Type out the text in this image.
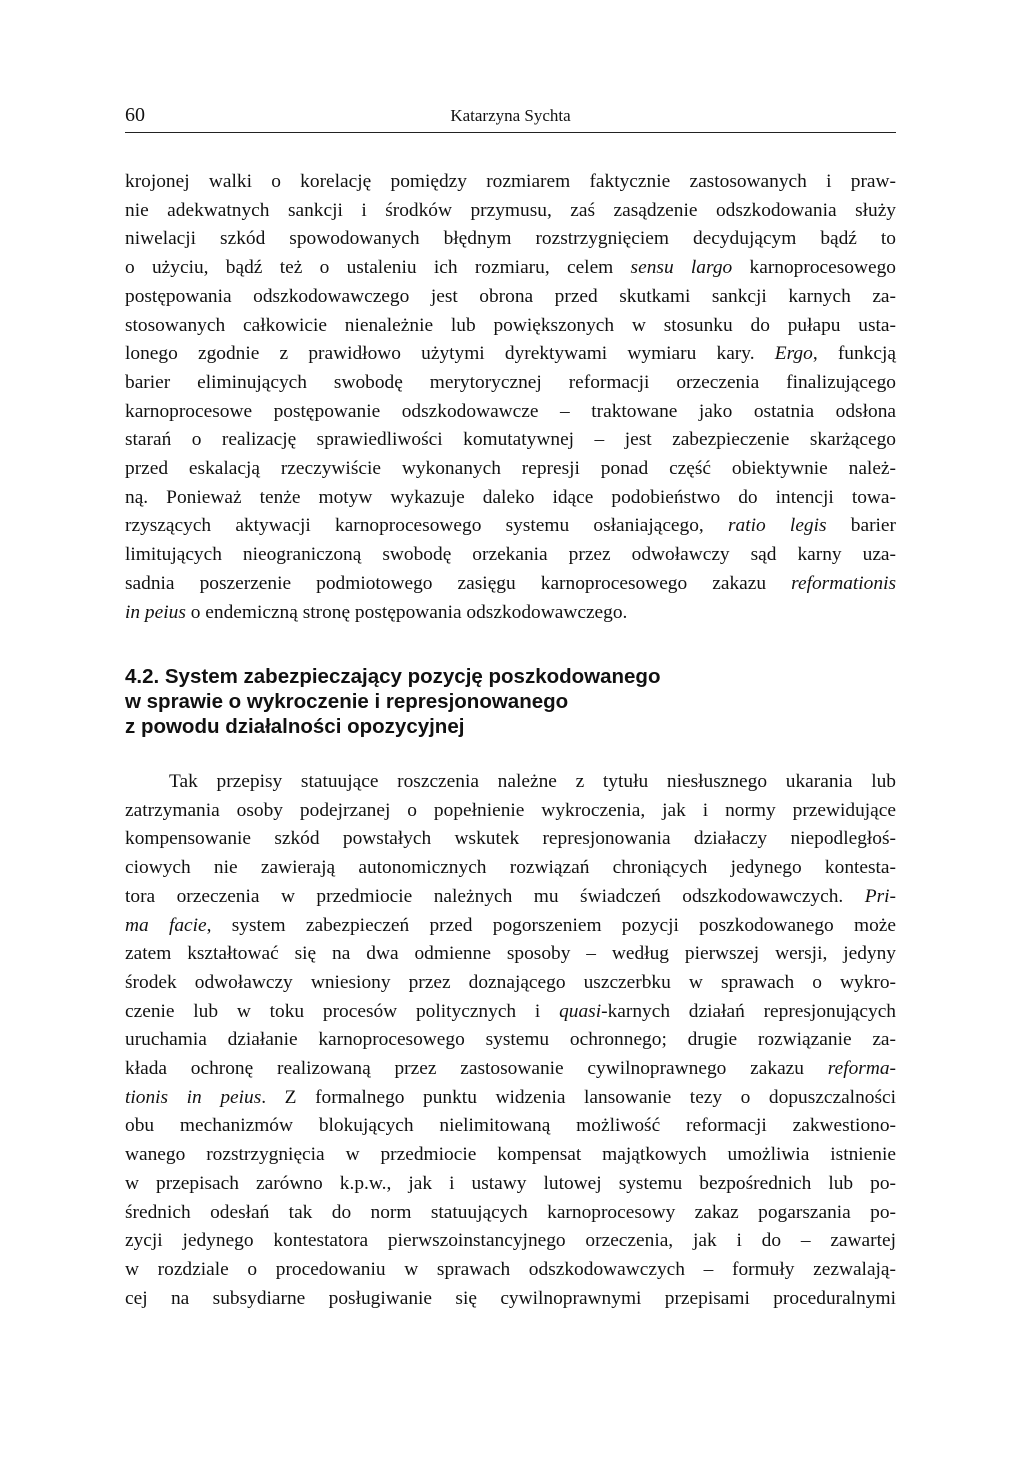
60	Katarzyna Sychta

krojonej walki o korelację pomiędzy rozmiarem faktycznie zastosowanych i praw-
nie adekwatnych sankcji i środków przymusu, zaś zasądzenie odszkodowania służy
niwelacji szkód spowodowanych błędnym rozstrzygnięciem decydującym bądź to
o użyciu, bądź też o ustaleniu ich rozmiaru, celem sensu largo karnoprocesowego
postępowania odszkodowawczego jest obrona przed skutkami sankcji karnych za-
stosowanych całkowicie nienależnie lub powiększonych w stosunku do pułapu usta-
lonego zgodnie z prawidłowo użytymi dyrektywami wymiaru kary. Ergo, funkcją
barier eliminujących swobodę merytorycznej reformacji orzeczenia finalizującego
karnoprocesowe postępowanie odszkodowawcze – traktowane jako ostatnia odsłona
starań o realizację sprawiedliwości komutatywnej – jest zabezpieczenie skarżącego
przed eskalacją rzeczywiście wykonanych represji ponad część obiektywnie należ-
ną. Ponieważ tenże motyw wykazuje daleko idące podobieństwo do intencji towa-
rzyszących aktywacji karnoprocesowego systemu osłaniającego, ratio legis barier
limitujących nieograniczoną swobodę orzekania przez odwoławczy sąd karny uza-
sadnia poszerzenie podmiotowego zasięgu karnoprocesowego zakazu reformationis
in peius o endemiczną stronę postępowania odszkodowawczego.

4.2. System zabezpieczający pozycję poszkodowanego
w sprawie o wykroczenie i represjonowanego
z powodu działalności opozycyjnej

Tak przepisy statuujące roszczenia należne z tytułu niesłusznego ukarania lub
zatrzymania osoby podejrzanej o popełnienie wykroczenia, jak i normy przewidujące
kompensowanie szkód powstałych wskutek represjonowania działaczy niepodległoś-
ciowych nie zawierają autonomicznych rozwiązań chroniących jedynego kontesta-
tora orzeczenia w przedmiocie należnych mu świadczeń odszkodowawczych. Pri-
ma facie, system zabezpieczeń przed pogorszeniem pozycji poszkodowanego może
zatem kształtować się na dwa odmienne sposoby – według pierwszej wersji, jedyny
środek odwoławczy wniesiony przez doznającego uszczerbku w sprawach o wykro-
czenie lub w toku procesów politycznych i quasi-karnych działań represjonujących
uruchamia działanie karnoprocesowego systemu ochronnego; drugie rozwiązanie za-
kłada ochronę realizowaną przez zastosowanie cywilnoprawnego zakazu reforma-
tionis in peius. Z formalnego punktu widzenia lansowanie tezy o dopuszczalności
obu mechanizmów blokujących nielimitowaną możliwość reformacji zakwestiono-
wanego rozstrzygnięcia w przedmiocie kompensat majątkowych umożliwia istnienie
w przepisach zarówno k.p.w., jak i ustawy lutowej systemu bezpośrednich lub po-
średnich odesłań tak do norm statuujących karnoprocesowy zakaz pogarszania po-
zycji jedynego kontestatora pierwszoinstancyjnego orzeczenia, jak i do – zawartej
w rozdziale o procedowaniu w sprawach odszkodowawczych – formuły zezwalają-
cej na subsydiarne posługiwanie się cywilnoprawnymi przepisami proceduralnymi
